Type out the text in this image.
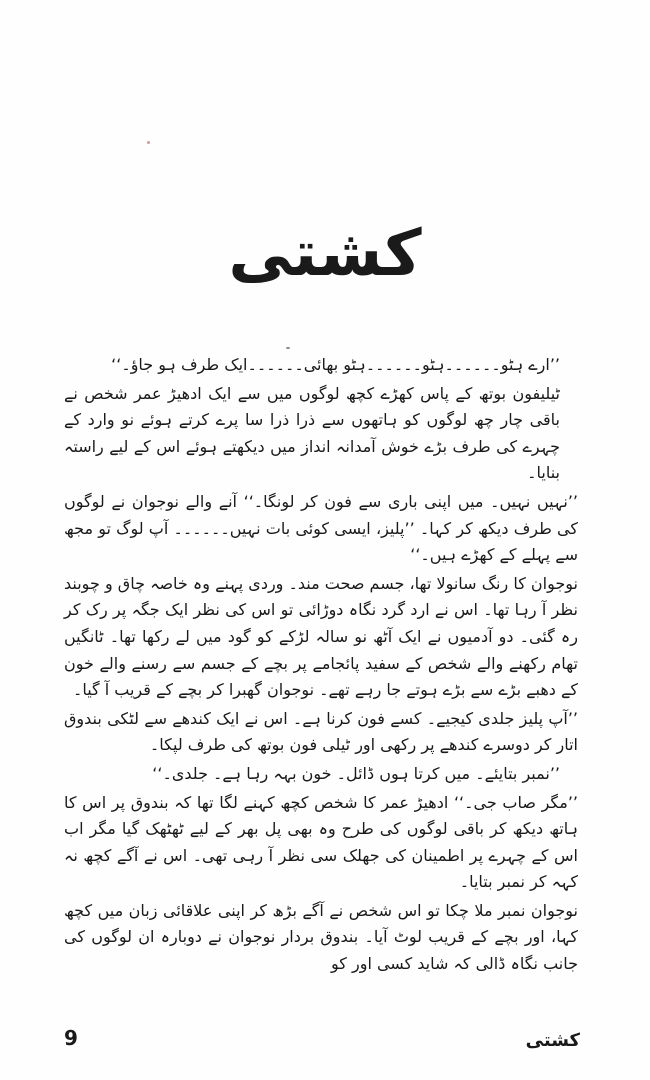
کشتی

’’ارے ہٹو۔۔۔۔۔۔ہٹو۔۔۔۔۔۔ہٹو بھائی۔۔۔۔۔۔ایک طرف ہو جاؤ۔‘‘

ٹیلیفون بوتھ کے پاس کھڑے کچھ لوگوں میں سے ایک ادھیڑ عمر شخص نے باقی چار چھ لوگوں کو ہاتھوں سے ذرا ذرا سا پرے کرتے ہوئے نو وارد کے چہرے کی طرف بڑے خوش آمدانہ انداز میں دیکھتے ہوئے اس کے لیے راستہ بنایا۔

’’نہیں نہیں۔ میں اپنی باری سے فون کر لونگا۔‘‘ آنے والے نوجوان نے لوگوں کی طرف دیکھ کر کہا۔ ’’پلیز، ایسی کوئی بات نہیں۔۔۔۔۔۔ آپ لوگ تو مجھ سے پہلے کے کھڑے ہیں۔‘‘

نوجوان کا رنگ سانولا تھا، جسم صحت مند۔ وردی پہنے وہ خاصہ چاق و چوبند نظر آ رہا تھا۔ اس نے ارد گرد نگاہ دوڑائی تو اس کی نظر ایک جگہ پر رک کر رہ گئی۔ دو آدمیوں نے ایک آٹھ نو سالہ لڑکے کو گود میں لے رکھا تھا۔ ٹانگیں تھام رکھنے والے شخص کے سفید پائجامے پر بچے کے جسم سے رسنے والے خون کے دھبے بڑے سے بڑے ہوتے جا رہے تھے۔ نوجوان گھبرا کر بچے کے قریب آ گیا۔

’’آپ پلیز جلدی کیجیے۔ کسے فون کرنا ہے۔ اس نے ایک کندھے سے لٹکی بندوق اتار کر دوسرے کندھے پر رکھی اور ٹیلی فون بوتھ کی طرف لپکا۔

’’نمبر بتایئے۔ میں کرتا ہوں ڈائل۔ خون بہہ رہا ہے۔ جلدی۔‘‘

’’مگر صاب جی۔‘‘ ادھیڑ عمر کا شخص کچھ کہنے لگا تھا کہ بندوق پر اس کا ہاتھ دیکھ کر باقی لوگوں کی طرح وہ بھی پل بھر کے لیے ٹھٹھک گیا مگر اب اس کے چہرے پر اطمینان کی جھلک سی نظر آ رہی تھی۔ اس نے آگے کچھ نہ کہہ کر نمبر بتایا۔

نوجوان نمبر ملا چکا تو اس شخص نے آگے بڑھ کر اپنی علاقائی زبان میں کچھ کہا، اور بچے کے قریب لوٹ آیا۔ بندوق بردار نوجوان نے دوبارہ ان لوگوں کی جانب نگاہ ڈالی کہ شاید کسی اور کو

9	کشتی
